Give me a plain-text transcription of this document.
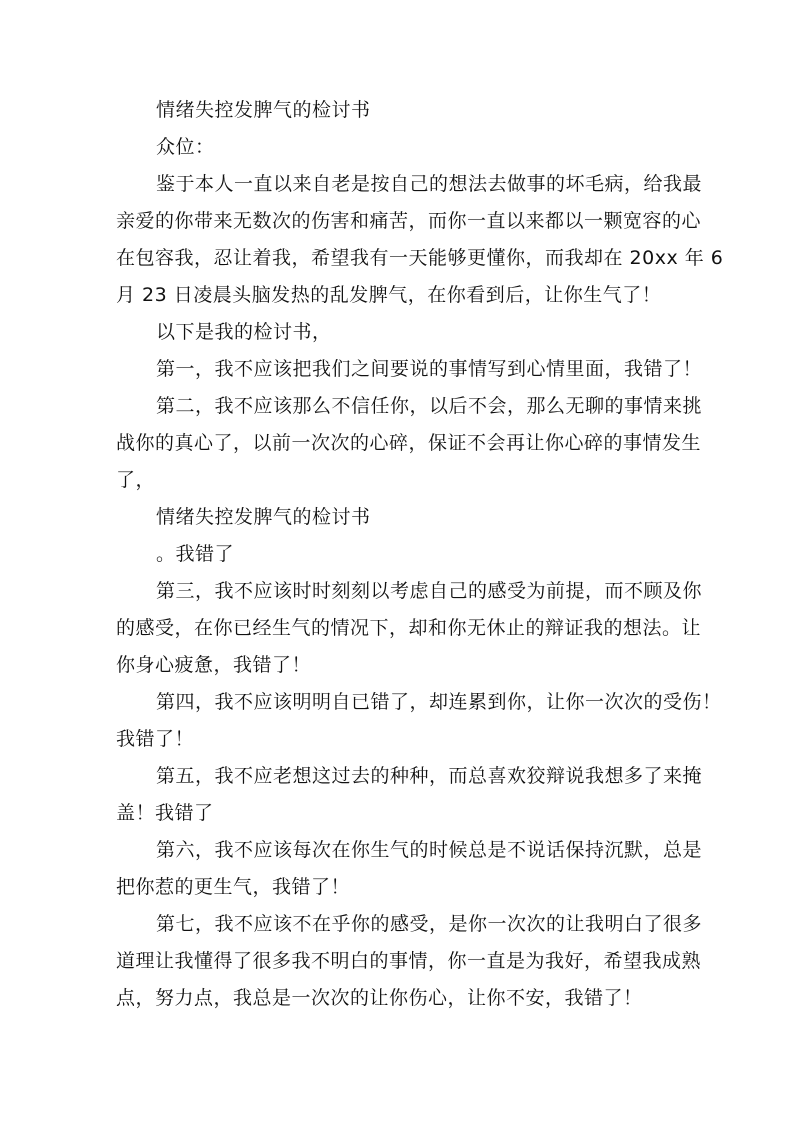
情绪失控发脾气的检讨书
众位：
鉴于本人一直以来自老是按自己的想法去做事的坏毛病，给我最
亲爱的你带来无数次的伤害和痛苦，而你一直以来都以一颗宽容的心
在包容我，忍让着我，希望我有一天能够更懂你，而我却在 20xx 年 6
月 23 日凌晨头脑发热的乱发脾气，在你看到后，让你生气了！
以下是我的检讨书，
第一，我不应该把我们之间要说的事情写到心情里面，我错了！
第二，我不应该那么不信任你，以后不会，那么无聊的事情来挑
战你的真心了，以前一次次的心碎，保证不会再让你心碎的事情发生
了，
情绪失控发脾气的检讨书
。我错了
第三，我不应该时时刻刻以考虑自己的感受为前提，而不顾及你
的感受，在你已经生气的情况下，却和你无休止的辩证我的想法。让
你身心疲惫，我错了！
第四，我不应该明明自已错了，却连累到你，让你一次次的受伤！
我错了！
第五，我不应老想这过去的种种，而总喜欢狡辩说我想多了来掩
盖！我错了
第六，我不应该每次在你生气的时候总是不说话保持沉默，总是
把你惹的更生气，我错了！
第七，我不应该不在乎你的感受，是你一次次的让我明白了很多
道理让我懂得了很多我不明白的事情，你一直是为我好，希望我成熟
点，努力点，我总是一次次的让你伤心，让你不安，我错了！
